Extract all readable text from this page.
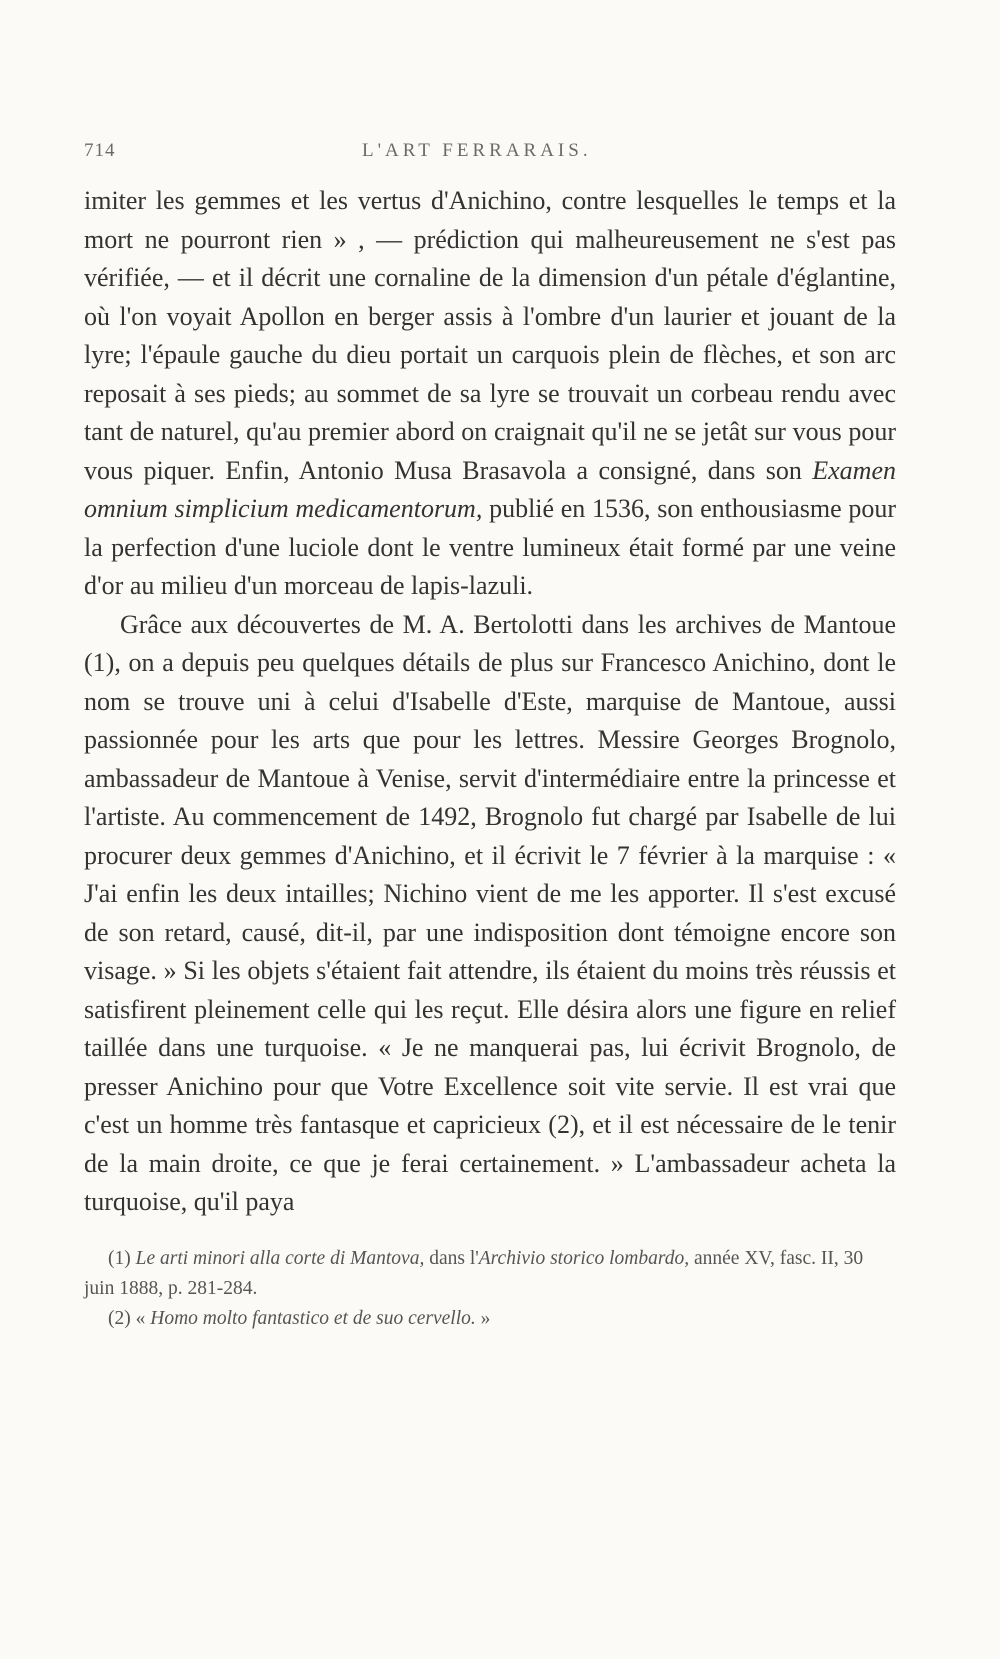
714	L'ART FERRARAIS.

imiter les gemmes et les vertus d'Anichino, contre lesquelles le temps et la mort ne pourront rien » , — prédiction qui malheureusement ne s'est pas vérifiée, — et il décrit une cornaline de la dimension d'un pétale d'églantine, où l'on voyait Apollon en berger assis à l'ombre d'un laurier et jouant de la lyre; l'épaule gauche du dieu portait un carquois plein de flèches, et son arc reposait à ses pieds; au sommet de sa lyre se trouvait un corbeau rendu avec tant de naturel, qu'au premier abord on craignait qu'il ne se jetât sur vous pour vous piquer. Enfin, Antonio Musa Brasavola a consigné, dans son Examen omnium simplicium medicamentorum, publié en 1536, son enthousiasme pour la perfection d'une luciole dont le ventre lumineux était formé par une veine d'or au milieu d'un morceau de lapis-lazuli.

Grâce aux découvertes de M. A. Bertolotti dans les archives de Mantoue (1), on a depuis peu quelques détails de plus sur Francesco Anichino, dont le nom se trouve uni à celui d'Isabelle d'Este, marquise de Mantoue, aussi passionnée pour les arts que pour les lettres. Messire Georges Brognolo, ambassadeur de Mantoue à Venise, servit d'intermédiaire entre la princesse et l'artiste. Au commencement de 1492, Brognolo fut chargé par Isabelle de lui procurer deux gemmes d'Anichino, et il écrivit le 7 février à la marquise : « J'ai enfin les deux intailles; Nichino vient de me les apporter. Il s'est excusé de son retard, causé, dit-il, par une indisposition dont témoigne encore son visage. » Si les objets s'étaient fait attendre, ils étaient du moins très réussis et satisfirent pleinement celle qui les reçut. Elle désira alors une figure en relief taillée dans une turquoise. « Je ne manquerai pas, lui écrivit Brognolo, de presser Anichino pour que Votre Excellence soit vite servie. Il est vrai que c'est un homme très fantasque et capricieux (2), et il est nécessaire de le tenir de la main droite, ce que je ferai certainement. » L'ambassadeur acheta la turquoise, qu'il paya

(1) Le arti minori alla corte di Mantova, dans l'Archivio storico lombardo, année XV, fasc. II, 30 juin 1888, p. 281-284.

(2) « Homo molto fantastico et de suo cervello. »
